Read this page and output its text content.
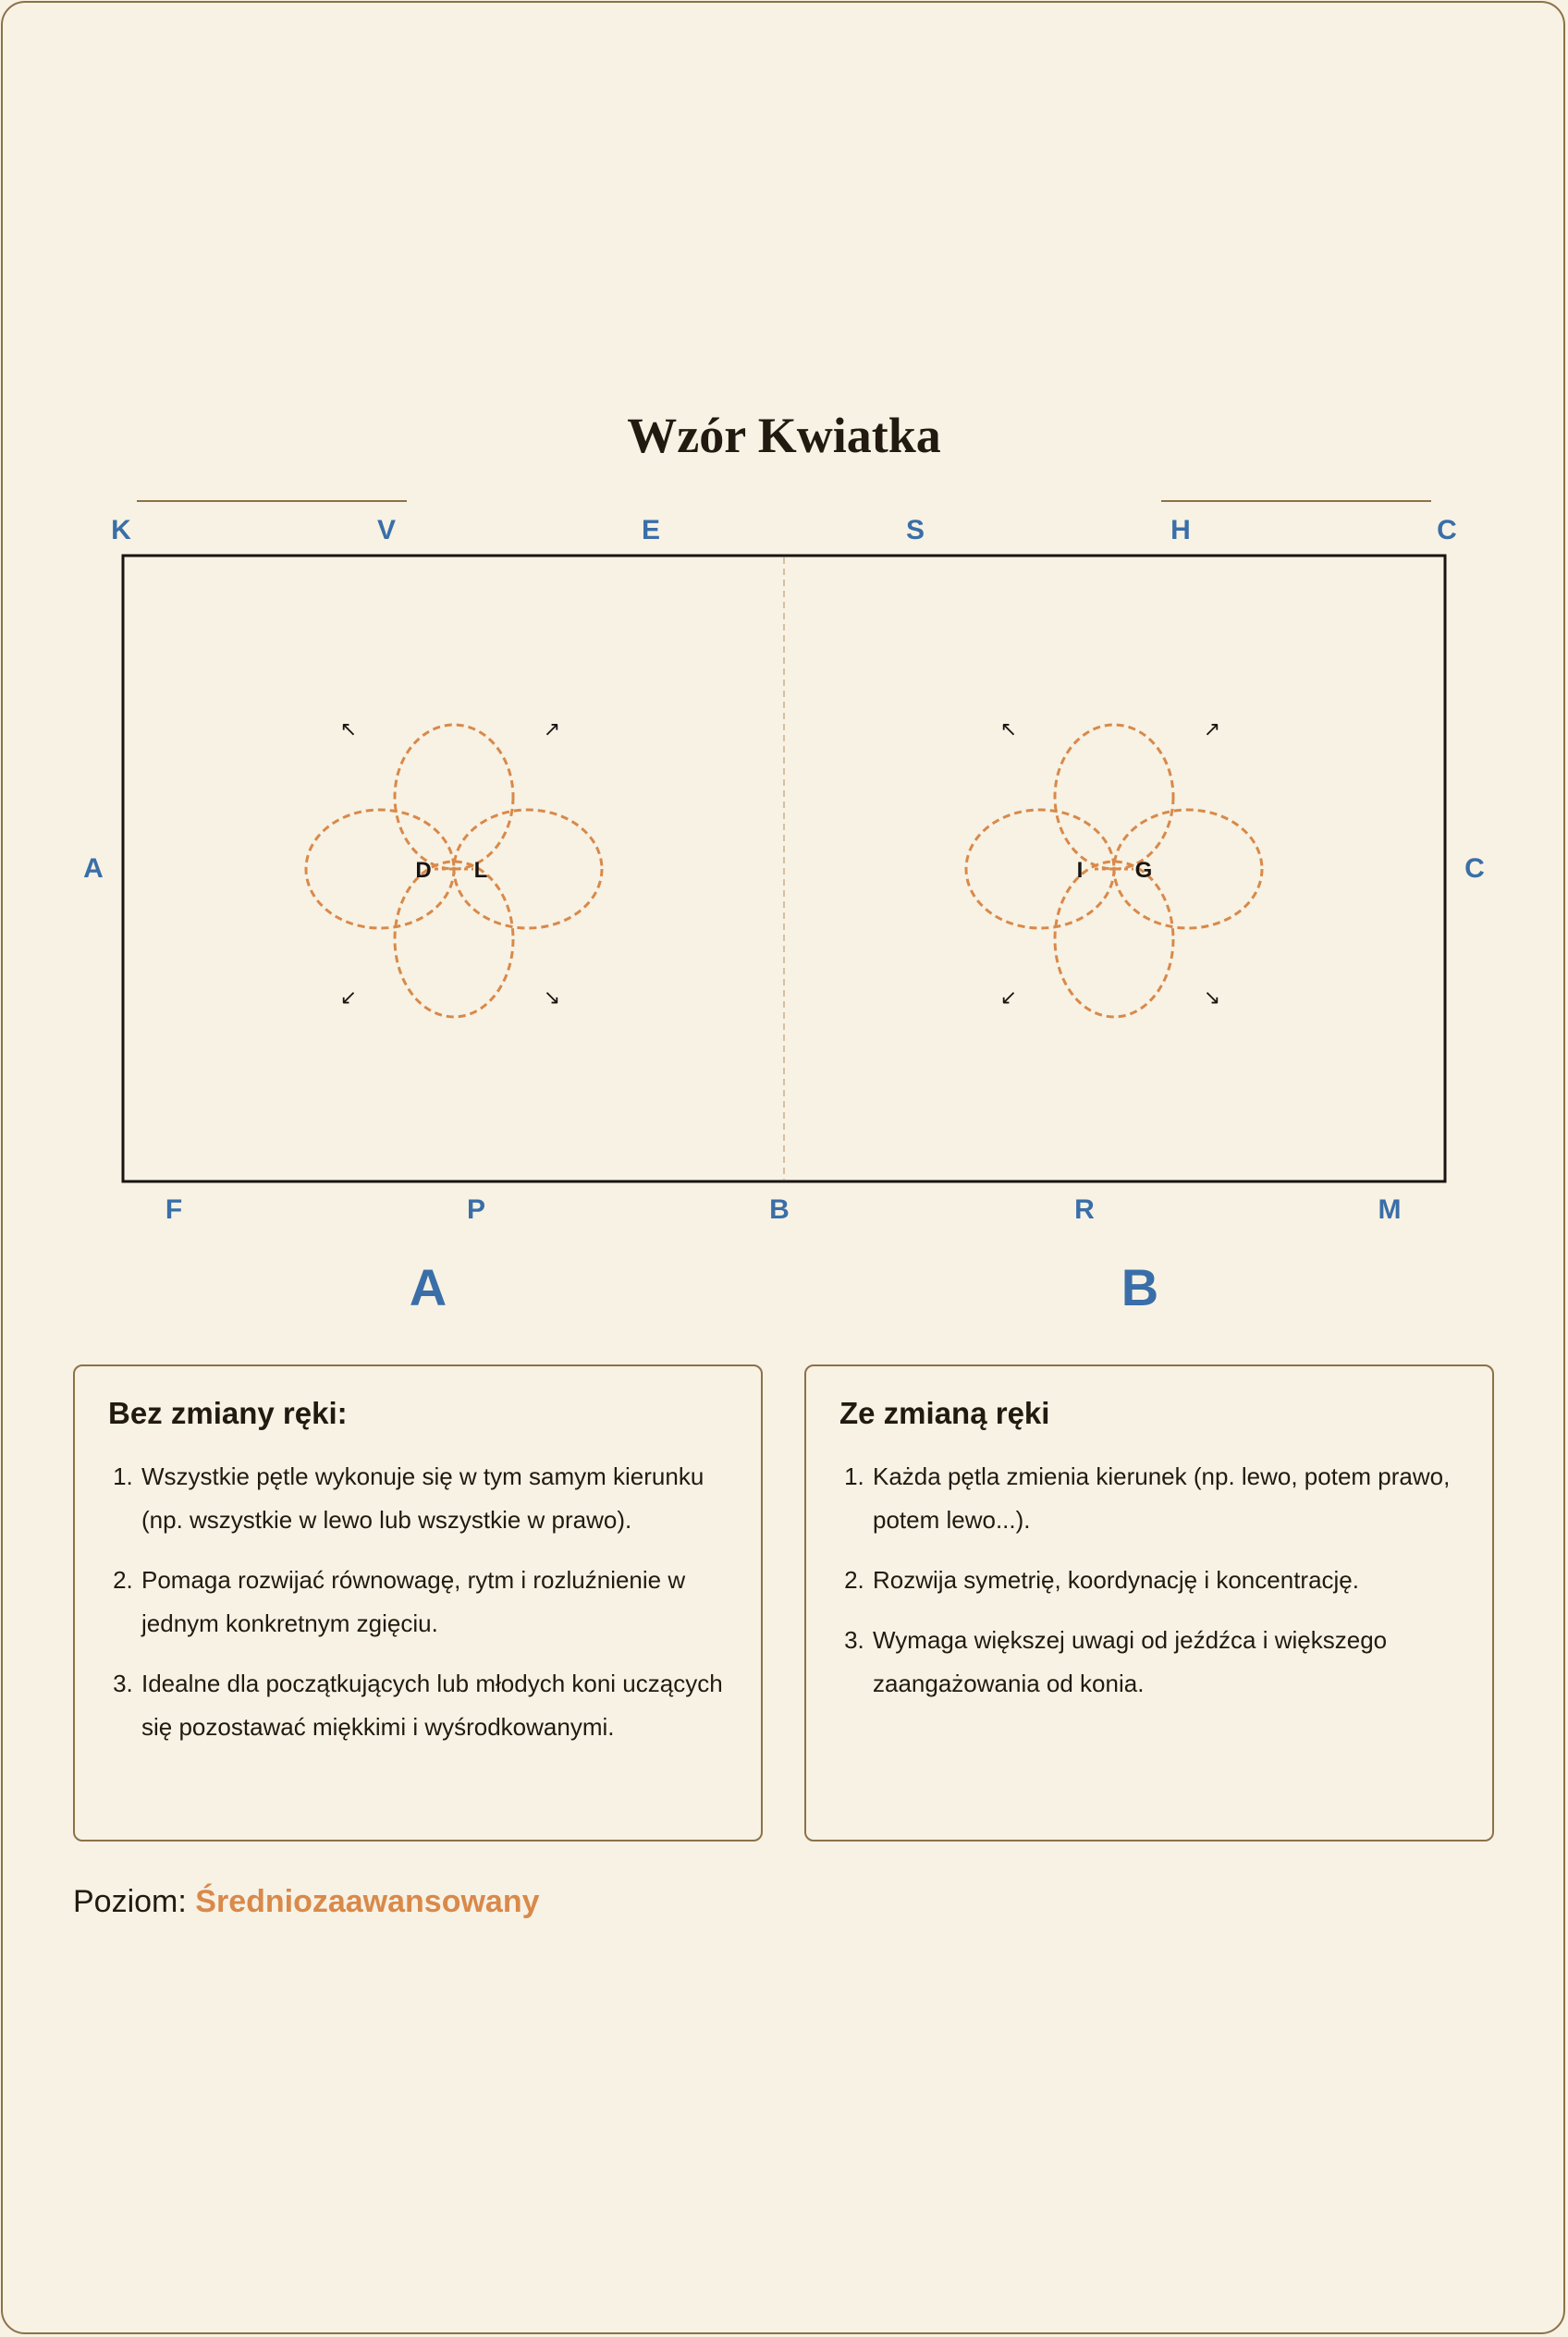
Wzór Kwiatka
K	V	E	S	H	C
A	C
F	P	B	R	M
D L
↖	↗
↙	↘
I G
↖	↗
↙	↘
A	B
Bez zmiany ręki:
1. Wszystkie pętle wykonuje się w tym samym kierunku (np. wszystkie w lewo lub wszystkie w prawo).
2. Pomaga rozwijać równowagę, rytm i rozluźnienie w jednym konkretnym zgięciu.
3. Idealne dla początkujących lub młodych koni uczących się pozostawać miękkimi i wyśrodkowanymi.
Ze zmianą ręki
1. Każda pętla zmienia kierunek (np. lewo, potem prawo, potem lewo...).
2. Rozwija symetrię, koordynację i koncentrację.
3. Wymaga większej uwagi od jeźdźca i większego zaangażowania od konia.
Poziom: Średniozaawansowany
